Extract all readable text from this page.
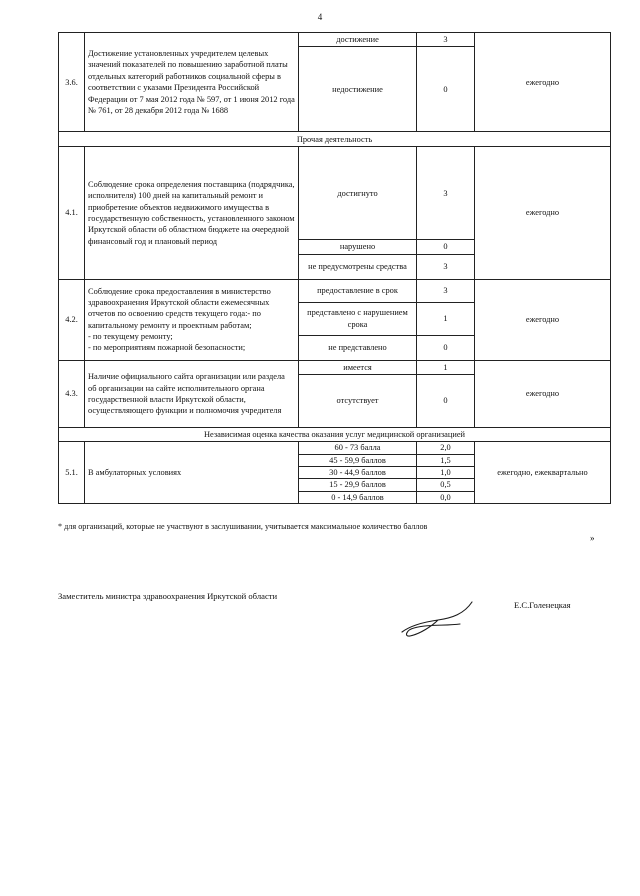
4
3.6.	Достижение установленных учредителем целевых значений показателей по повышению заработной платы отдельных категорий работников социальной сферы в соответствии с указами Президента Российской Федерации от 7 мая 2012 года № 597, от 1 июня 2012 года № 761, от 28 декабря 2012 года № 1688	достижение	3	ежегодно
		недостижение	0	
Прочая деятельность				
4.1.	Соблюдение срока определения поставщика (подрядчика, исполнителя) 100 дней на капитальный ремонт и приобретение объектов недвижимого имущества в государственную собственность, установленного законом Иркутской области об областном бюджете на очередной финансовый год и плановый период	достигнуто	3	ежегодно
		нарушено	0	
		не предусмотрены средства	3	
4.2.	Соблюдение срока предоставления в министерство здравоохранения Иркутской области ежемесячных отчетов по освоению средств текущего года:- по капитальному ремонту и проектным работам;
- по текущему ремонту;
- по мероприятиям пожарной безопасности;	предоставление в срок	3	ежегодно
		представлено с нарушением срока	1	
		не представлено	0	
4.3.	Наличие официального сайта организации или раздела об организации на сайте исполнительного органа государственной власти Иркутской области, осуществляющего функции и полномочия учредителя	имеется	1	ежегодно
		отсутствует	0	
Независимая оценка качества оказания услуг медицинской организацией				
5.1.	В амбулаторных условиях	60 - 73 балла	2,0	ежегодно, ежеквартально
		45 - 59,9 баллов	1,5	
		30 - 44,9 баллов	1,0	
		15 - 29,9 баллов	0,5	
		0 - 14,9 баллов	0,0	
* для организаций, которые не участвуют в заслушивании, учитывается максимальное количество баллов
»
Заместитель министра здравоохранения Иркутской области
Е.С.Голенецкая
